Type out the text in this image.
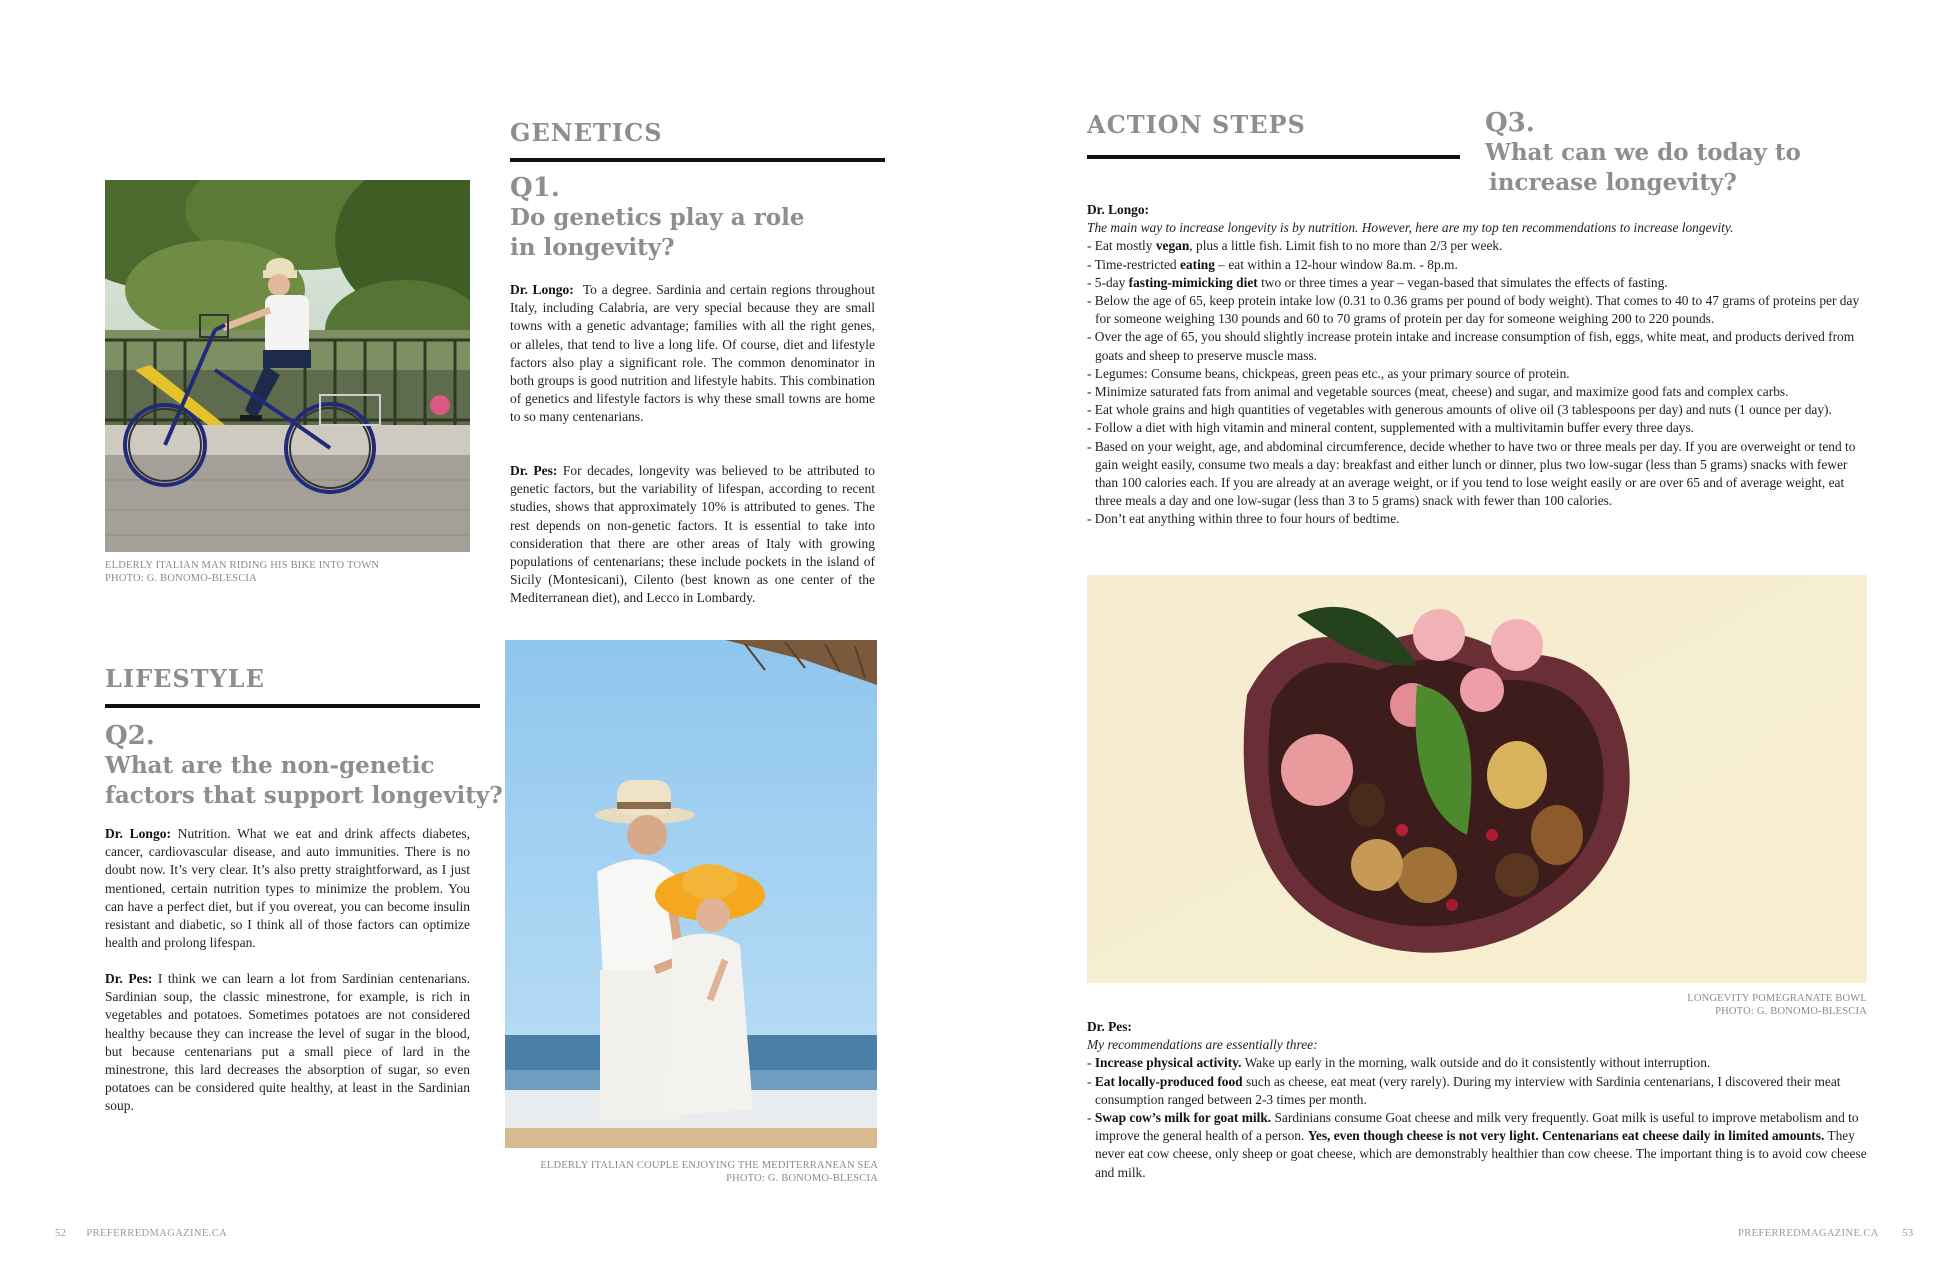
ELDERLY ITALIAN MAN RIDING HIS BIKE INTO TOWN
PHOTO: G. BONOMO-BLESCIA
GENETICS
Q1.
Do genetics play a role
in longevity?
Dr. Longo: To a degree. Sardinia and certain regions throughout Italy, including Calabria, are very special because they are small towns with a genetic advantage; families with all the right genes, or alleles, that tend to live a long life. Of course, diet and lifestyle factors also play a significant role. The common denominator in both groups is good nutrition and lifestyle habits. This combination of genetics and lifestyle factors is why these small towns are home to so many centenarians.
Dr. Pes: For decades, longevity was believed to be attributed to genetic factors, but the variability of lifespan, according to recent studies, shows that approximately 10% is attributed to genes. The rest depends on non-genetic factors. It is essential to take into consideration that there are other areas of Italy with growing populations of centenarians; these include pockets in the island of Sicily (Montesicani), Cilento (best known as one center of the Mediterranean diet), and Lecco in Lombardy.
LIFESTYLE
Q2.
What are the non-genetic
factors that support longevity?
Dr. Longo: Nutrition. What we eat and drink affects diabetes, cancer, cardiovascular disease, and auto immunities. There is no doubt now. It’s very clear. It’s also pretty straightforward, as I just mentioned, certain nutrition types to minimize the problem. You can have a perfect diet, but if you overeat, you can become insulin resistant and diabetic, so I think all of those factors can optimize health and prolong lifespan.
Dr. Pes: I think we can learn a lot from Sardinian centenarians. Sardinian soup, the classic minestrone, for example, is rich in vegetables and potatoes. Sometimes potatoes are not considered healthy because they can increase the level of sugar in the blood, but because centenarians put a small piece of lard in the minestrone, this lard decreases the absorption of sugar, so even potatoes can be considered quite healthy, at least in the Sardinian soup.
ELDERLY ITALIAN COUPLE ENJOYING THE MEDITERRANEAN SEA
PHOTO: G. BONOMO-BLESCIA
ACTION STEPS	Q3.
What can we do today to
increase longevity?
Dr. Longo:
The main way to increase longevity is by nutrition. However, here are my top ten recommendations to increase longevity.
- Eat mostly vegan, plus a little fish. Limit fish to no more than 2/3 per week.
- Time-restricted eating – eat within a 12-hour window 8a.m. - 8p.m.
- 5-day fasting-mimicking diet two or three times a year – vegan-based that simulates the effects of fasting.
- Below the age of 65, keep protein intake low (0.31 to 0.36 grams per pound of body weight). That comes to 40 to 47 grams of proteins per day for someone weighing 130 pounds and 60 to 70 grams of protein per day for someone weighing 200 to 220 pounds.
- Over the age of 65, you should slightly increase protein intake and increase consumption of fish, eggs, white meat, and products derived from goats and sheep to preserve muscle mass.
- Legumes: Consume beans, chickpeas, green peas etc., as your primary source of protein.
- Minimize saturated fats from animal and vegetable sources (meat, cheese) and sugar, and maximize good fats and complex carbs.
- Eat whole grains and high quantities of vegetables with generous amounts of olive oil (3 tablespoons per day) and nuts (1 ounce per day).
- Follow a diet with high vitamin and mineral content, supplemented with a multivitamin buffer every three days.
- Based on your weight, age, and abdominal circumference, decide whether to have two or three meals per day. If you are overweight or tend to gain weight easily, consume two meals a day: breakfast and either lunch or dinner, plus two low-sugar (less than 5 grams) snacks with fewer than 100 calories each. If you are already at an average weight, or if you tend to lose weight easily or are over 65 and of average weight, eat three meals a day and one low-sugar (less than 3 to 5 grams) snack with fewer than 100 calories.
- Don’t eat anything within three to four hours of bedtime.
LONGEVITY POMEGRANATE BOWL
PHOTO: G. BONOMO-BLESCIA
Dr. Pes:
My recommendations are essentially three:
- Increase physical activity. Wake up early in the morning, walk outside and do it consistently without interruption.
- Eat locally-produced food such as cheese, eat meat (very rarely). During my interview with Sardinia centenarians, I discovered their meat consumption ranged between 2-3 times per month.
- Swap cow’s milk for goat milk. Sardinians consume Goat cheese and milk very frequently. Goat milk is useful to improve metabolism and to improve the general health of a person. Yes, even though cheese is not very light. Centenarians eat cheese daily in limited amounts. They never eat cow cheese, only sheep or goat cheese, which are demonstrably healthier than cow cheese. The important thing is to avoid cow cheese and milk.
52 PREFERREDMAGAZINE.CA	PREFERREDMAGAZINE.CA 53
